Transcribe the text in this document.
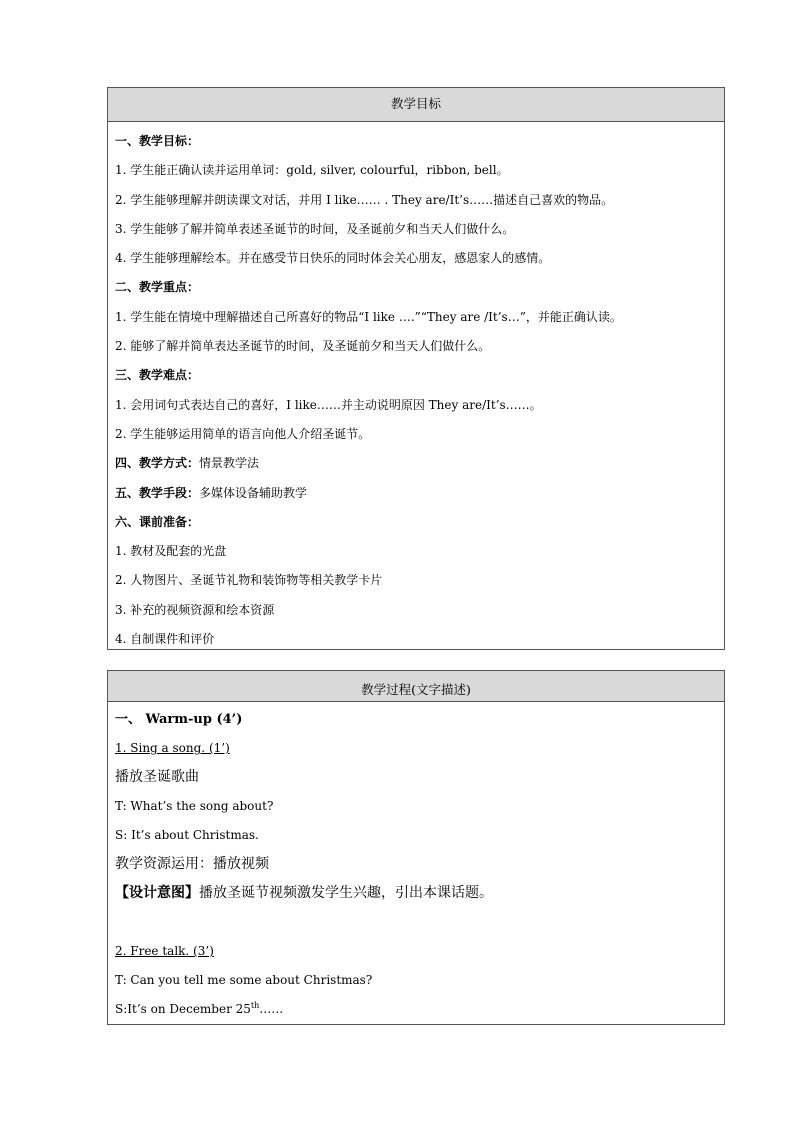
教学目标
一、教学目标：
1. 学生能正确认读并运用单词：gold, silver, colourful，ribbon, bell。
2. 学生能够理解并朗读课文对话，并用 I like…… . They are/It’s……描述自己喜欢的物品。
3. 学生能够了解并简单表述圣诞节的时间，及圣诞前夕和当天人们做什么。
4. 学生能够理解绘本。并在感受节日快乐的同时体会关心朋友，感恩家人的感情。
二、教学重点：
1. 学生能在情境中理解描述自己所喜好的物品“I like ….”“They are /It’s…”，并能正确认读。
2. 能够了解并简单表达圣诞节的时间，及圣诞前夕和当天人们做什么。
三、教学难点：
1. 会用词句式表达自己的喜好，I like……并主动说明原因 They are/It’s……。
2. 学生能够运用简单的语言向他人介绍圣诞节。
四、教学方式：情景教学法
五、教学手段：多媒体设备辅助教学
六、课前准备：
1. 教材及配套的光盘
2. 人物图片、圣诞节礼物和装饰物等相关教学卡片
3. 补充的视频资源和绘本资源
4. 自制课件和评价
教学过程(文字描述)
一、 Warm-up (4’)
1. Sing a song. (1’)
播放圣诞歌曲
T: What’s the song about?
S: It’s about Christmas.
教学资源运用：播放视频
【设计意图】播放圣诞节视频激发学生兴趣，引出本课话题。
2. Free talk. (3’)
T: Can you tell me some about Christmas?
S:It’s on December 25th……
